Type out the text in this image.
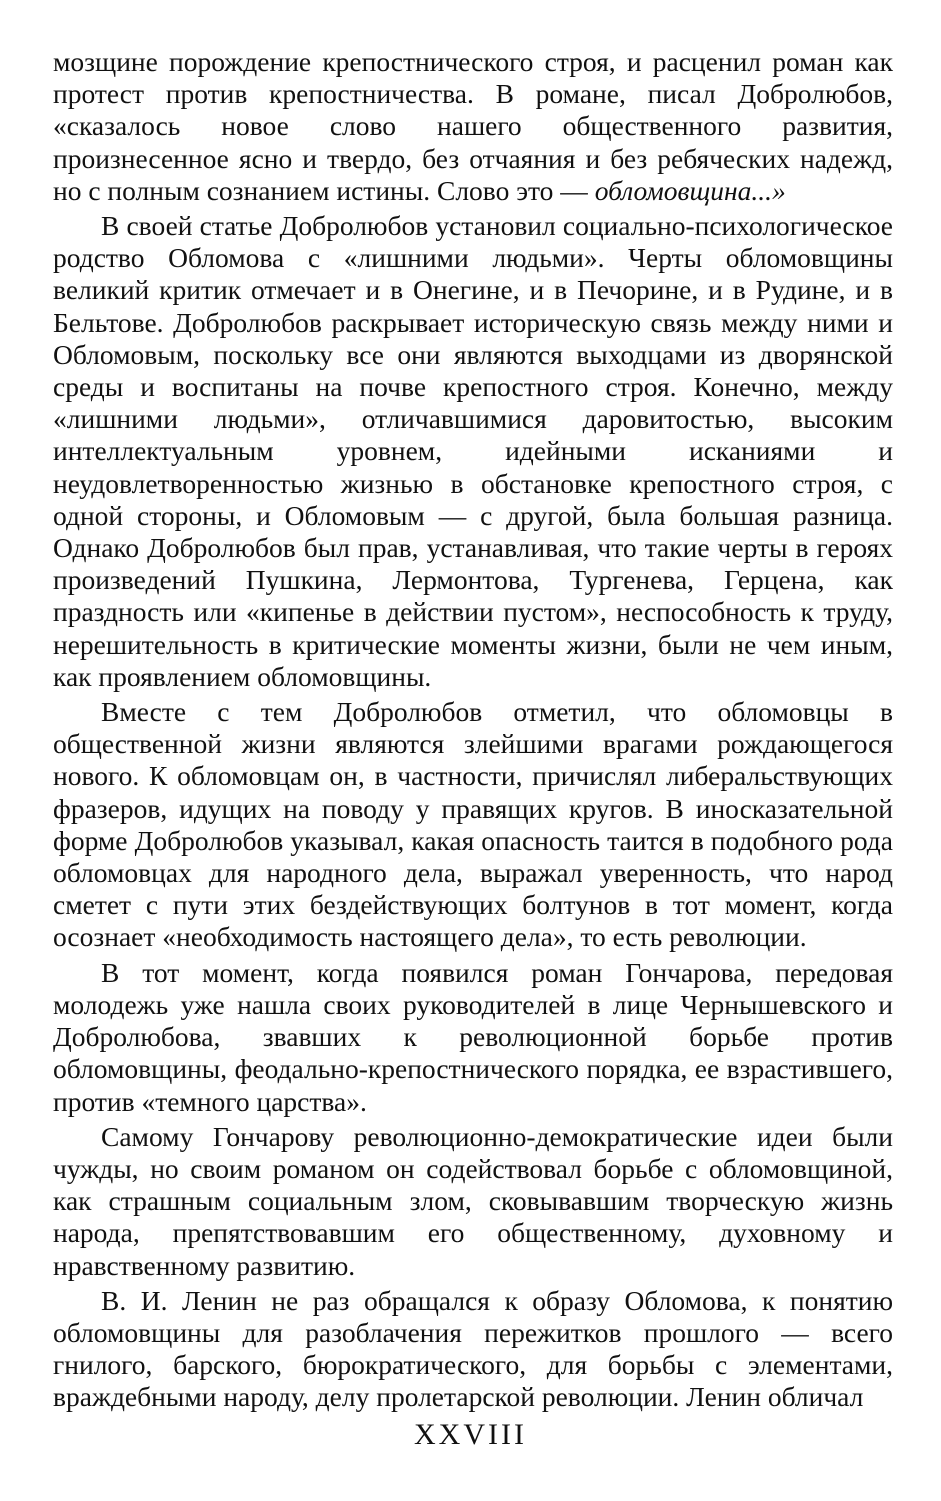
мозщине порождение крепостнического строя, и расценил роман как протест против крепостничества. В романе, писал Добролюбов, «сказалось новое слово нашего общественного развития, произнесенное ясно и твердо, без отчаяния и без ребяческих надежд, но с полным сознанием истины. Слово это — обломовщина...»

В своей статье Добролюбов установил социально-психологическое родство Обломова с «лишними людьми». Черты обломовщины великий критик отмечает и в Онегине, и в Печорине, и в Рудине, и в Бельтове. Добролюбов раскрывает историческую связь между ними и Обломовым, поскольку все они являются выходцами из дворянской среды и воспитаны на почве крепостного строя. Конечно, между «лишними людьми», отличавшимися даровитостью, высоким интеллектуальным уровнем, идейными исканиями и неудовлетворенностью жизнью в обстановке крепостного строя, с одной стороны, и Обломовым — с другой, была большая разница. Однако Добролюбов был прав, устанавливая, что такие черты в героях произведений Пушкина, Лермонтова, Тургенева, Герцена, как праздность или «кипенье в действии пустом», неспособность к труду, нерешительность в критические моменты жизни, были не чем иным, как проявлением обломовщины.

Вместе с тем Добролюбов отметил, что обломовцы в общественной жизни являются злейшими врагами рождающегося нового. К обломовцам он, в частности, причислял либеральствующих фразеров, идущих на поводу у правящих кругов. В иносказательной форме Добролюбов указывал, какая опасность таится в подобного рода обломовцах для народного дела, выражал уверенность, что народ сметет с пути этих бездействующих болтунов в тот момент, когда осознает «необходимость настоящего дела», то есть революции.

В тот момент, когда появился роман Гончарова, передовая молодежь уже нашла своих руководителей в лице Чернышевского и Добролюбова, звавших к революционной борьбе против обломовщины, феодально-крепостнического порядка, ее взрастившего, против «темного царства».

Самому Гончарову революционно-демократические идеи были чужды, но своим романом он содействовал борьбе с обломовщиной, как страшным социальным злом, сковывавшим творческую жизнь народа, препятствовавшим его общественному, духовному и нравственному развитию.

В. И. Ленин не раз обращался к образу Обломова, к понятию обломовщины для разоблачения пережитков прошлого — всего гнилого, барского, бюрократического, для борьбы с элементами, враждебными народу, делу пролетарской революции. Ленин обличал

XXVIII
